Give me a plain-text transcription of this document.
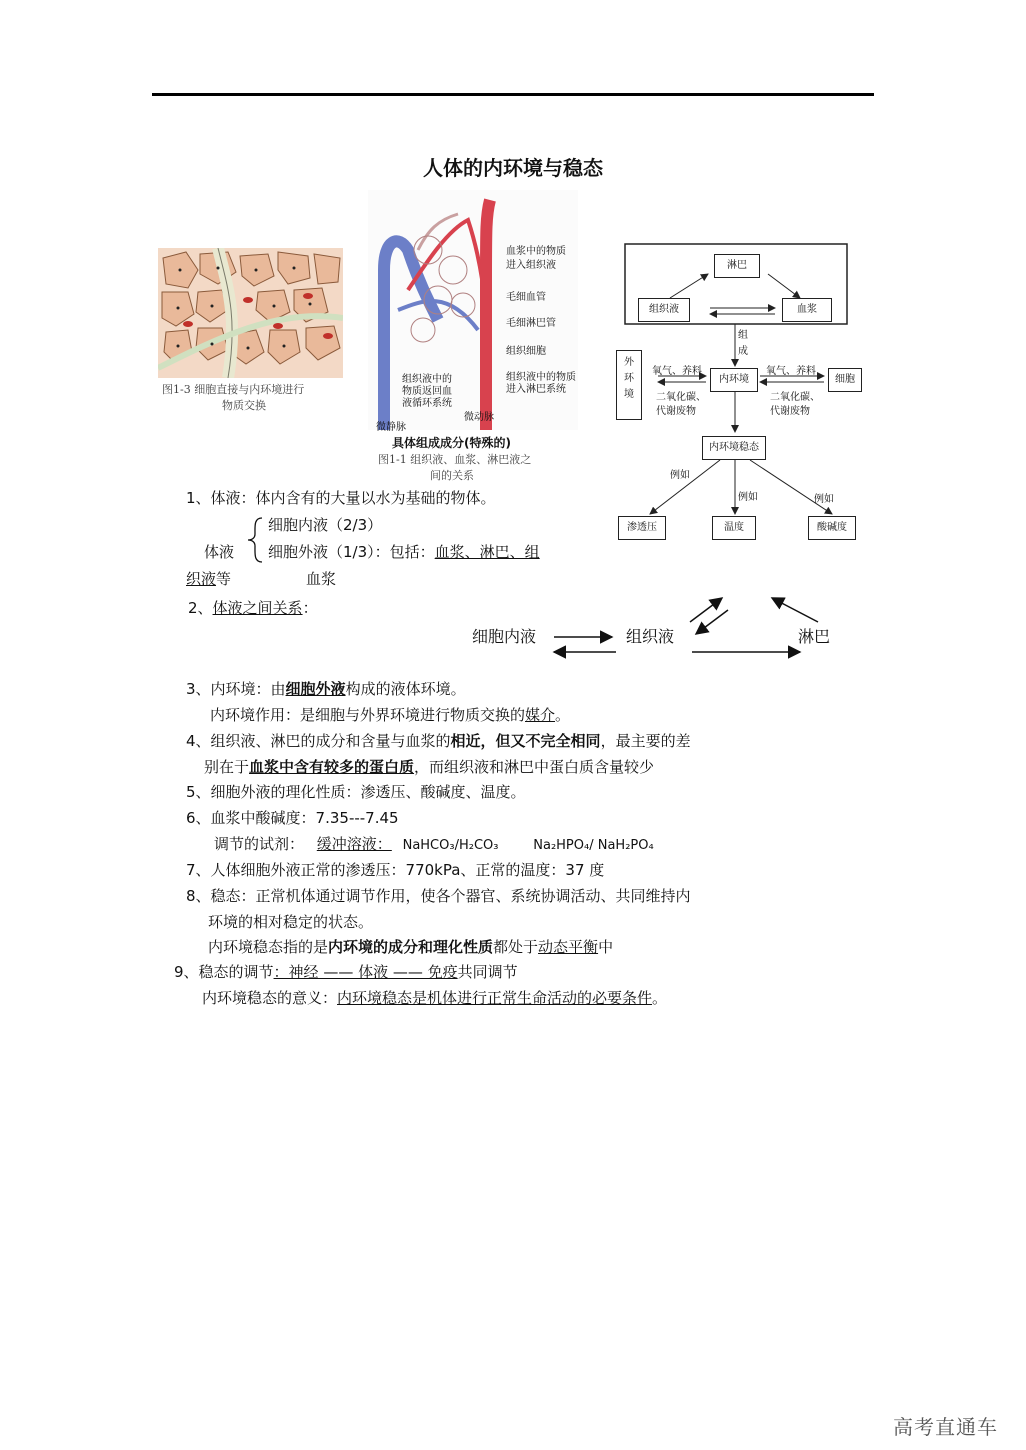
人体的内环境与稳态
图1-3 细胞直接与内环境进行
物质交换
血浆中的物质
进入组织液
毛细血管
毛细淋巴管
组织细胞
组织液中的物质
进入淋巴系统
组织液中的
物质返回血
液循环系统
微静脉
微动脉
具体组成成分(特殊的)
图1-1 组织液、血浆、淋巴液之
间的关系
淋巴
组织液	血浆
组
成
外
环
境
内环境	细胞
氧气、养料
二氧化碳、
代谢废物
氧气、养料
二氧化碳、
代谢废物
内环境稳态
例如
例如	例如
渗透压	温度	酸碱度
1、体液：体内含有的大量以水为基础的物体。
细胞内液（2/3）
体液 细胞外液（1/3）：包括：血浆、淋巴、组
织液等	血浆
2、体液之间关系：
细胞内液	组织液	淋巴
3、内环境：由细胞外液构成的液体环境。
内环境作用：是细胞与外界环境进行物质交换的媒介。
4、组织液、淋巴的成分和含量与血浆的相近，但又不完全相同，最主要的差
别在于血浆中含有较多的蛋白质，而组织液和淋巴中蛋白质含量较少
5、细胞外液的理化性质：渗透压、酸碱度、温度。
6、血浆中酸碱度：7.35---7.45
调节的试剂： 缓冲溶液： NaHCO₃/H₂CO₃	Na₂HPO₄/ NaH₂PO₄
7、人体细胞外液正常的渗透压：770kPa、正常的温度：37 度
8、稳态：正常机体通过调节作用，使各个器官、系统协调活动、共同维持内
环境的相对稳定的状态。
内环境稳态指的是内环境的成分和理化性质都处于动态平衡中
9、稳态的调节：神经 —— 体液 —— 免疫共同调节
内环境稳态的意义：内环境稳态是机体进行正常生命活动的必要条件。
高考直通车
